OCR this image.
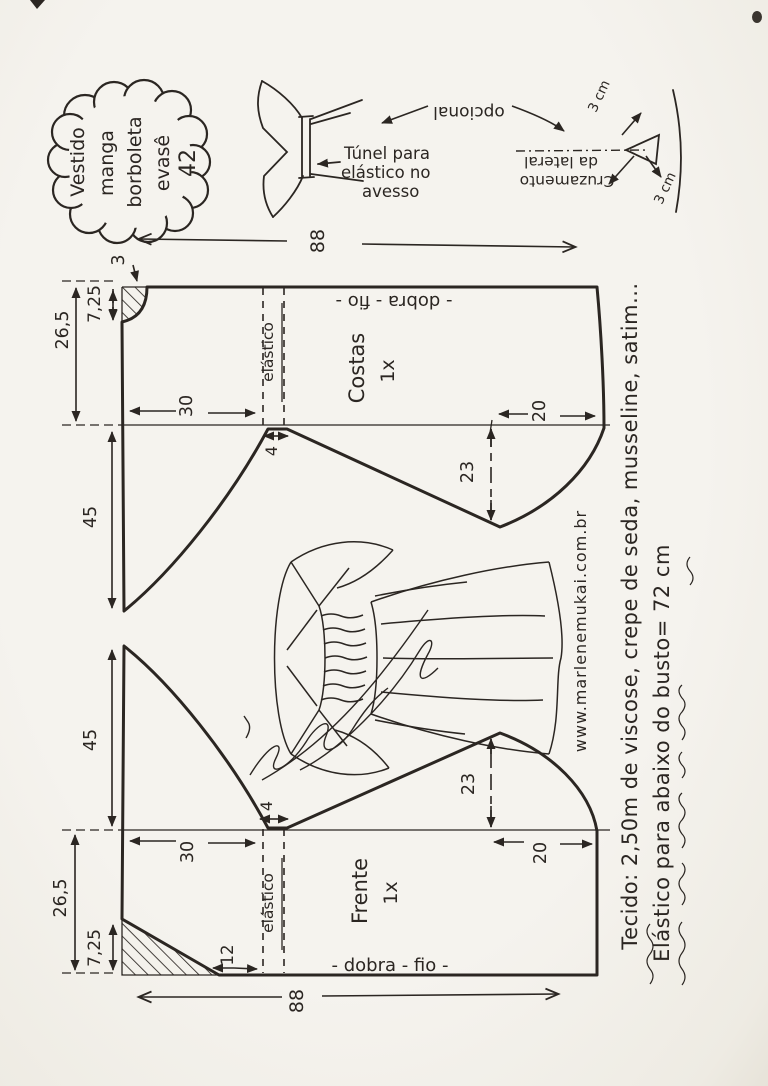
Vestido manga borboleta evasê 42	Túnel para
elástico no
avesso
opcional	3 cm
3 cm
Cruzamento
da lateral
88
elástico
- dobra - fio -
Costas 1x
3
7,25
26,5
30
45
4
20
23
elástico
- dobra - fio -
Frente 1x
45
30
4
20
23
12
7,25
26,5
88
www.marlenemukai.com.br Tecido: 2,50m de viscose, crepe de seda, musseline, satim... Elástico para abaixo do busto= 72 cm
